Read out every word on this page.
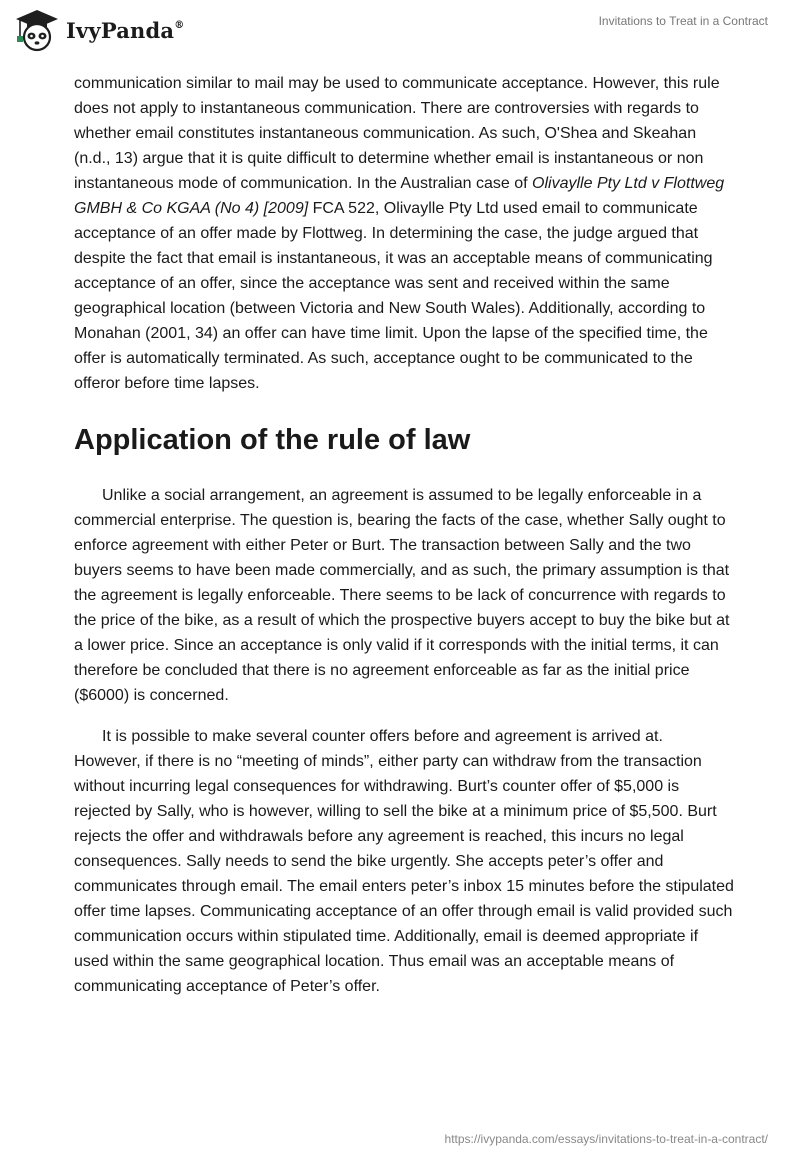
IvyPanda®	Invitations to Treat in a Contract

communication similar to mail may be used to communicate acceptance. However, this rule does not apply to instantaneous communication. There are controversies with regards to whether email constitutes instantaneous communication. As such, O'Shea and Skeahan (n.d., 13) argue that it is quite difficult to determine whether email is instantaneous or non instantaneous mode of communication. In the Australian case of Olivaylle Pty Ltd v Flottweg GMBH & Co KGAA (No 4) [2009] FCA 522, Olivaylle Pty Ltd used email to communicate acceptance of an offer made by Flottweg. In determining the case, the judge argued that despite the fact that email is instantaneous, it was an acceptable means of communicating acceptance of an offer, since the acceptance was sent and received within the same geographical location (between Victoria and New South Wales). Additionally, according to Monahan (2001, 34) an offer can have time limit. Upon the lapse of the specified time, the offer is automatically terminated. As such, acceptance ought to be communicated to the offeror before time lapses.

Application of the rule of law

Unlike a social arrangement, an agreement is assumed to be legally enforceable in a commercial enterprise. The question is, bearing the facts of the case, whether Sally ought to enforce agreement with either Peter or Burt. The transaction between Sally and the two buyers seems to have been made commercially, and as such, the primary assumption is that the agreement is legally enforceable. There seems to be lack of concurrence with regards to the price of the bike, as a result of which the prospective buyers accept to buy the bike but at a lower price. Since an acceptance is only valid if it corresponds with the initial terms, it can therefore be concluded that there is no agreement enforceable as far as the initial price ($6000) is concerned.

It is possible to make several counter offers before and agreement is arrived at. However, if there is no “meeting of minds”, either party can withdraw from the transaction without incurring legal consequences for withdrawing. Burt’s counter offer of $5,000 is rejected by Sally, who is however, willing to sell the bike at a minimum price of $5,500. Burt rejects the offer and withdrawals before any agreement is reached, this incurs no legal consequences. Sally needs to send the bike urgently. She accepts peter’s offer and communicates through email. The email enters peter’s inbox 15 minutes before the stipulated offer time lapses. Communicating acceptance of an offer through email is valid provided such communication occurs within stipulated time. Additionally, email is deemed appropriate if used within the same geographical location. Thus email was an acceptable means of communicating acceptance of Peter’s offer.

https://ivypanda.com/essays/invitations-to-treat-in-a-contract/
